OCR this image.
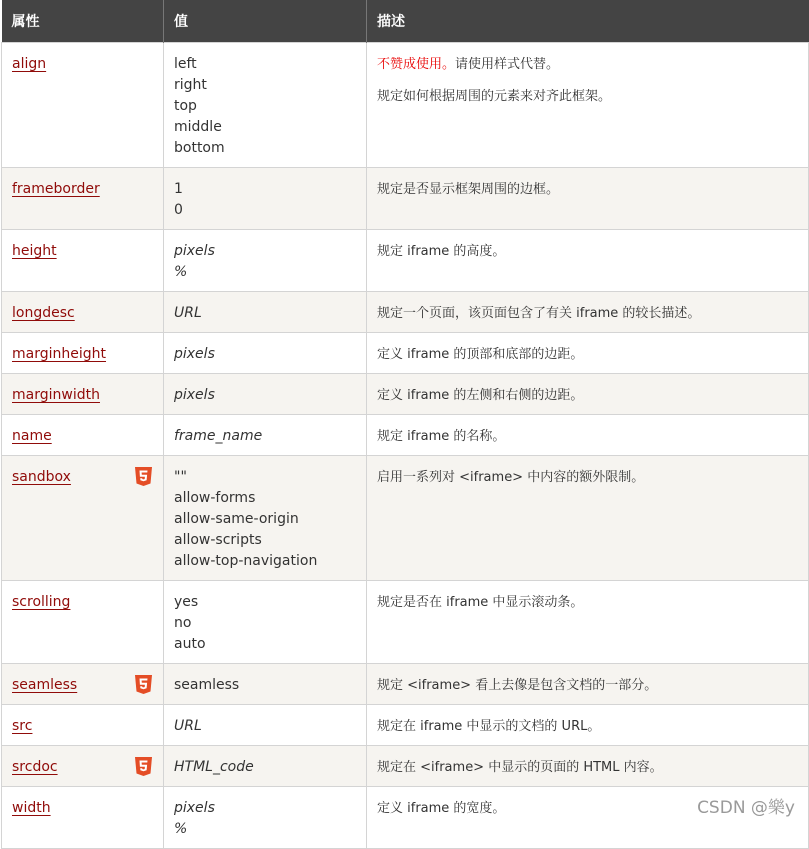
属性	值	描述
align	left
right
top
middle
bottom	不赞成使用。请使用样式代替。
规定如何根据周围的元素来对齐此框架。

frameborder	1
0	规定是否显示框架周围的边框。

height	pixels
%	规定 iframe 的高度。

longdesc	URL	规定一个页面，该页面包含了有关 iframe 的较长描述。

marginheight	pixels	定义 iframe 的顶部和底部的边距。

marginwidth	pixels	定义 iframe 的左侧和右侧的边距。

name	frame_name	规定 iframe 的名称。

sandbox	""
allow-forms
allow-same-origin
allow-scripts
allow-top-navigation	启用一系列对 <iframe> 中内容的额外限制。

scrolling	yes
no
auto	规定是否在 iframe 中显示滚动条。

seamless	seamless	规定 <iframe> 看上去像是包含文档的一部分。

src	URL	规定在 iframe 中显示的文档的 URL。

srcdoc	HTML_code	规定在 <iframe> 中显示的页面的 HTML 内容。

width	pixels
%	定义 iframe 的宽度。	CSDN @樂y
